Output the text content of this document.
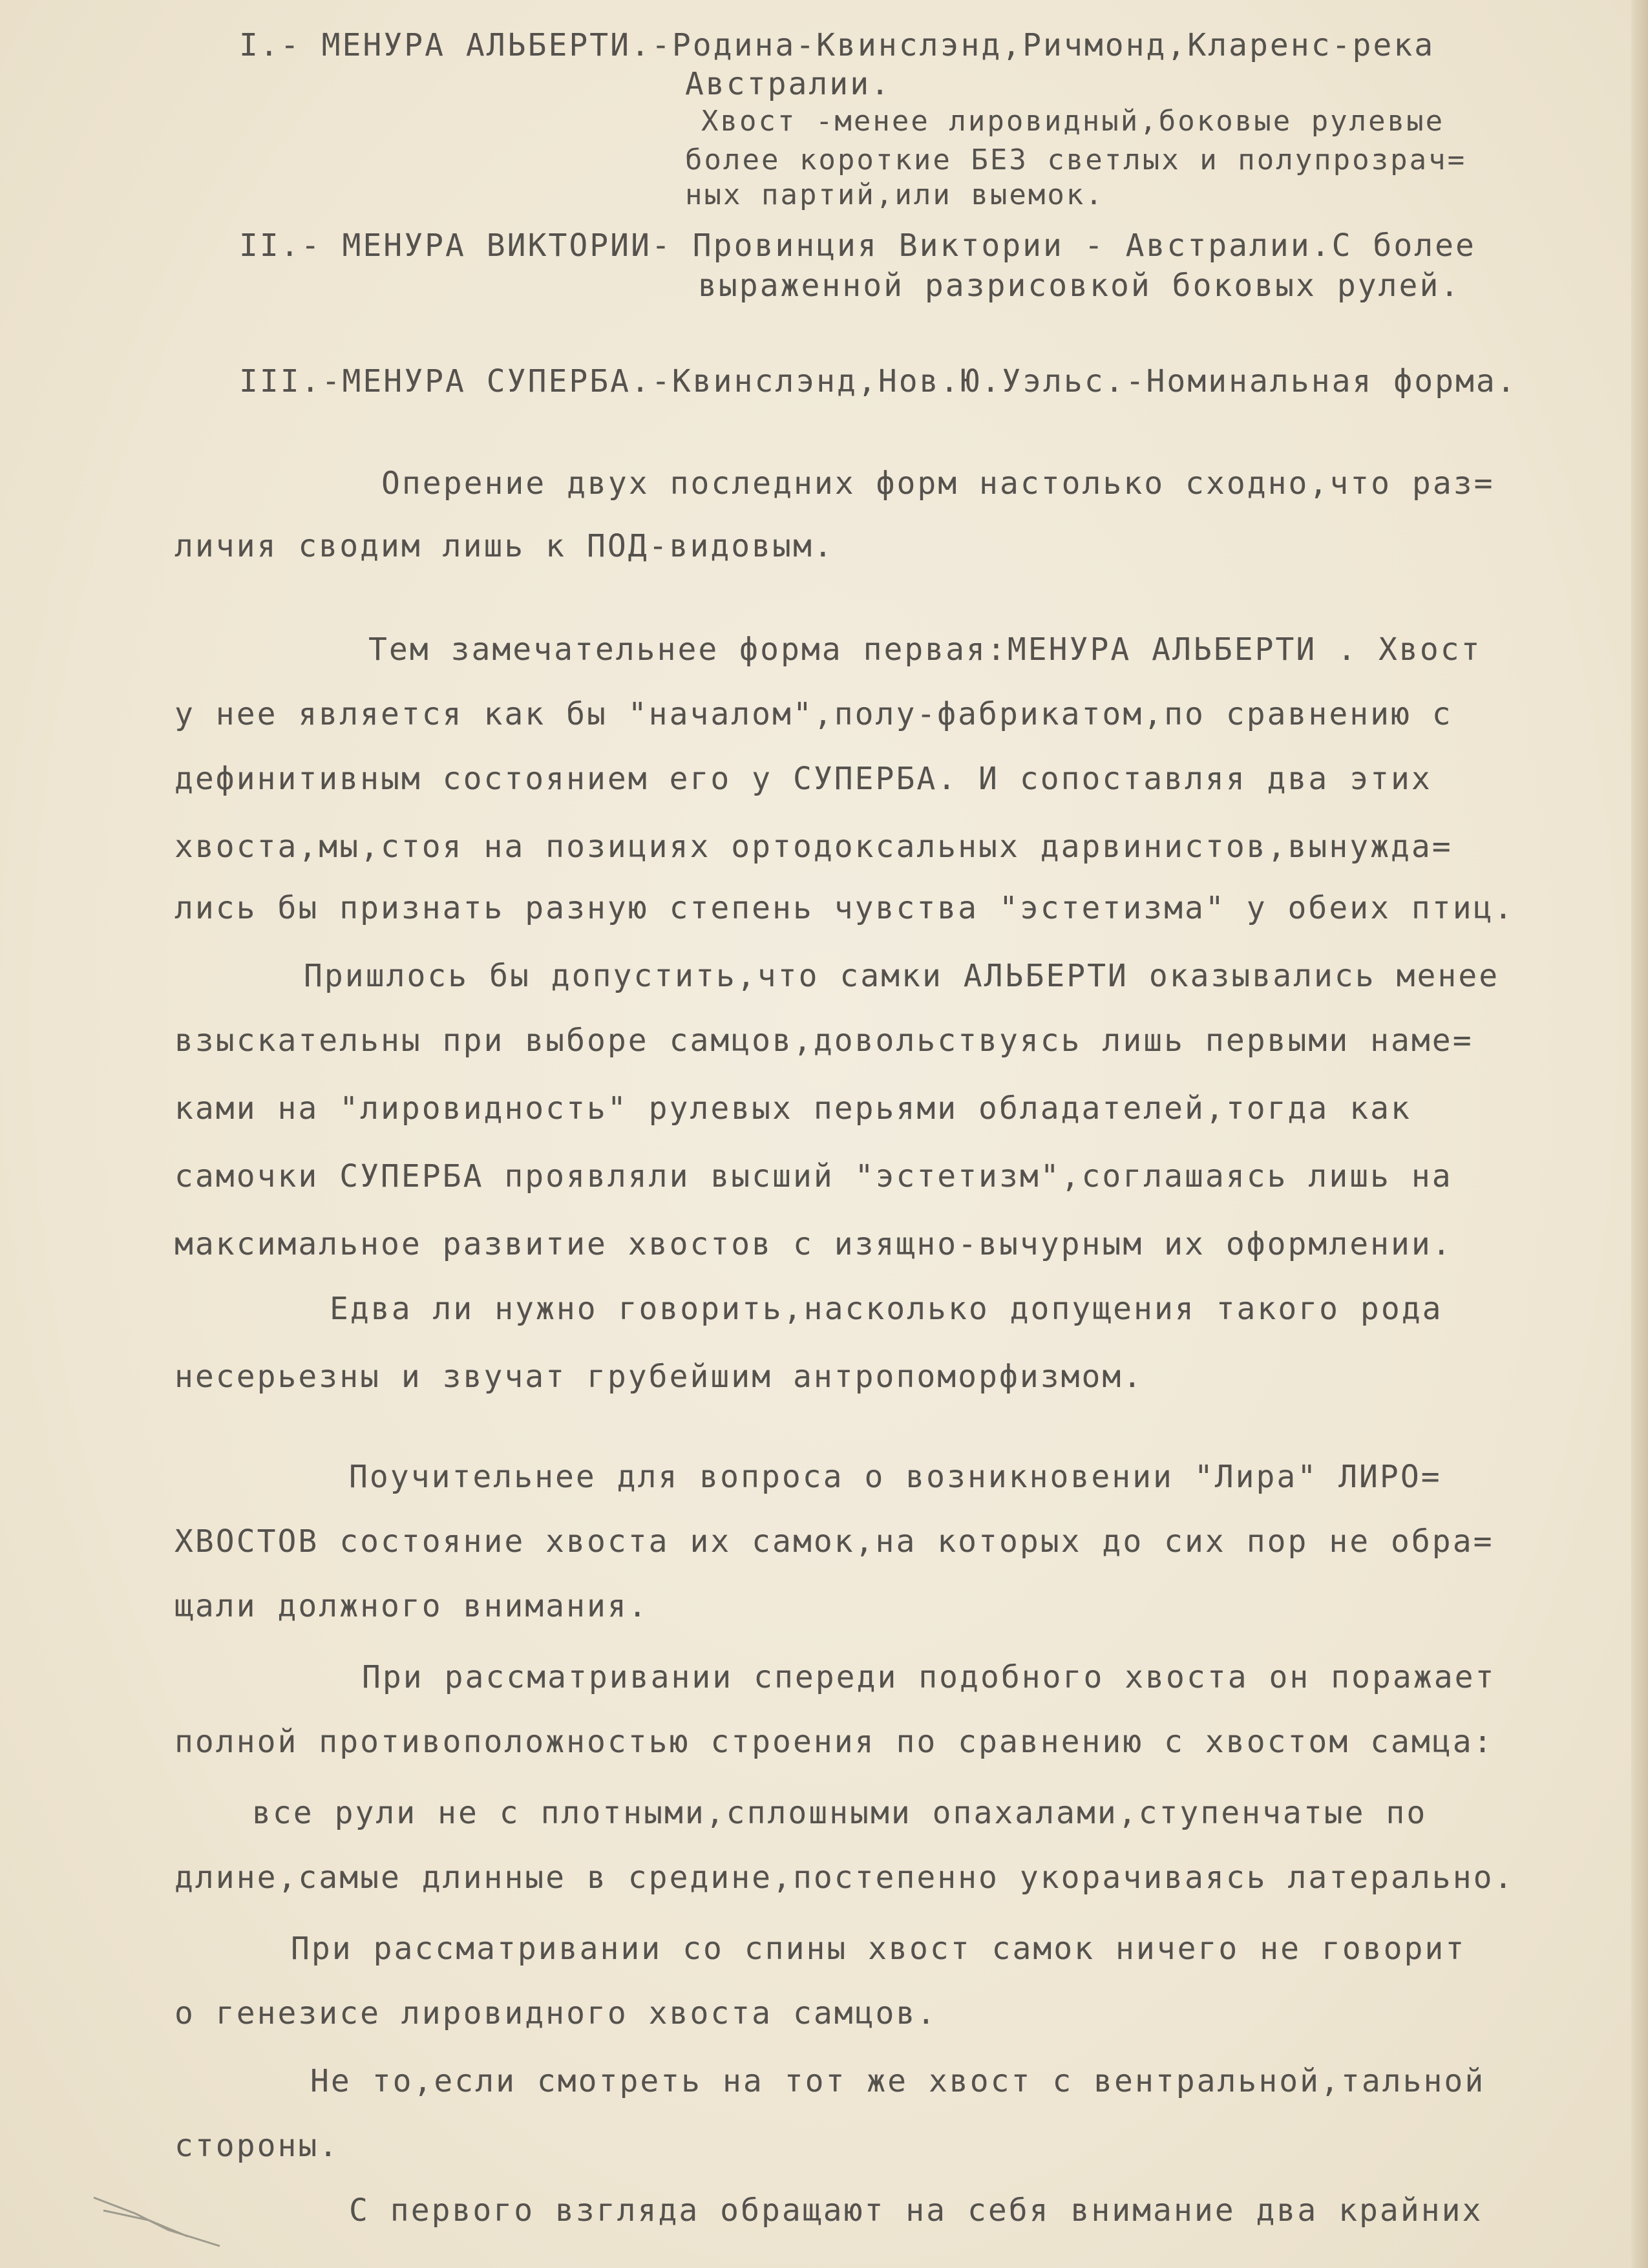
I.- МЕНУРА АЛЬБЕРТИ.-Родина-Квинслэнд,Ричмонд,Кларенс-река
Австралии.
Хвост -менее лировидный,боковые рулевые
более короткие БЕЗ светлых и полупрозрач=
ных партий,или выемок.
II.- МЕНУРА ВИКТОРИИ- Провинция Виктории - Австралии.С более
выраженной разрисовкой боковых рулей.
III.-МЕНУРА СУПЕРБА.-Квинслэнд,Нов.Ю.Уэльс.-Номинальная форма.
Оперение двух последних форм настолько сходно,что раз=
личия сводим лишь к ПОД-видовым.
Тем замечательнее форма первая:МЕНУРА АЛЬБЕРТИ . Хвост
у нее является как бы "началом",полу-фабрикатом,по сравнению с
дефинитивным состоянием его у СУПЕРБА. И сопоставляя два этих
хвоста,мы,стоя на позициях ортодоксальных дарвинистов,вынужда=
лись бы признать разную степень чувства "эстетизма" у обеих птиц.
Пришлось бы допустить,что самки АЛЬБЕРТИ оказывались менее
взыскательны при выборе самцов,довольствуясь лишь первыми наме=
ками на "лировидность" рулевых перьями обладателей,тогда как
самочки СУПЕРБА проявляли высший "эстетизм",соглашаясь лишь на
максимальное развитие хвостов с изящно-вычурным их оформлении.
Едва ли нужно говорить,насколько допущения такого рода
несерьезны и звучат грубейшим антропоморфизмом.
Поучительнее для вопроса о возникновении "Лира" ЛИРО=
ХВОСТОВ состояние хвоста их самок,на которых до сих пор не обра=
щали должного внимания.
При рассматривании спереди подобного хвоста он поражает
полной противоположностью строения по сравнению с хвостом самца:
все рули не с плотными,сплошными опахалами,ступенчатые по
длине,самые длинные в средине,постепенно укорачиваясь латерально.
При рассматривании со спины хвост самок ничего не говорит
о генезисе лировидного хвоста самцов.
Не то,если смотреть на тот же хвост с вентральной,тальной
стороны.
С первого взгляда обращают на себя внимание два крайних
